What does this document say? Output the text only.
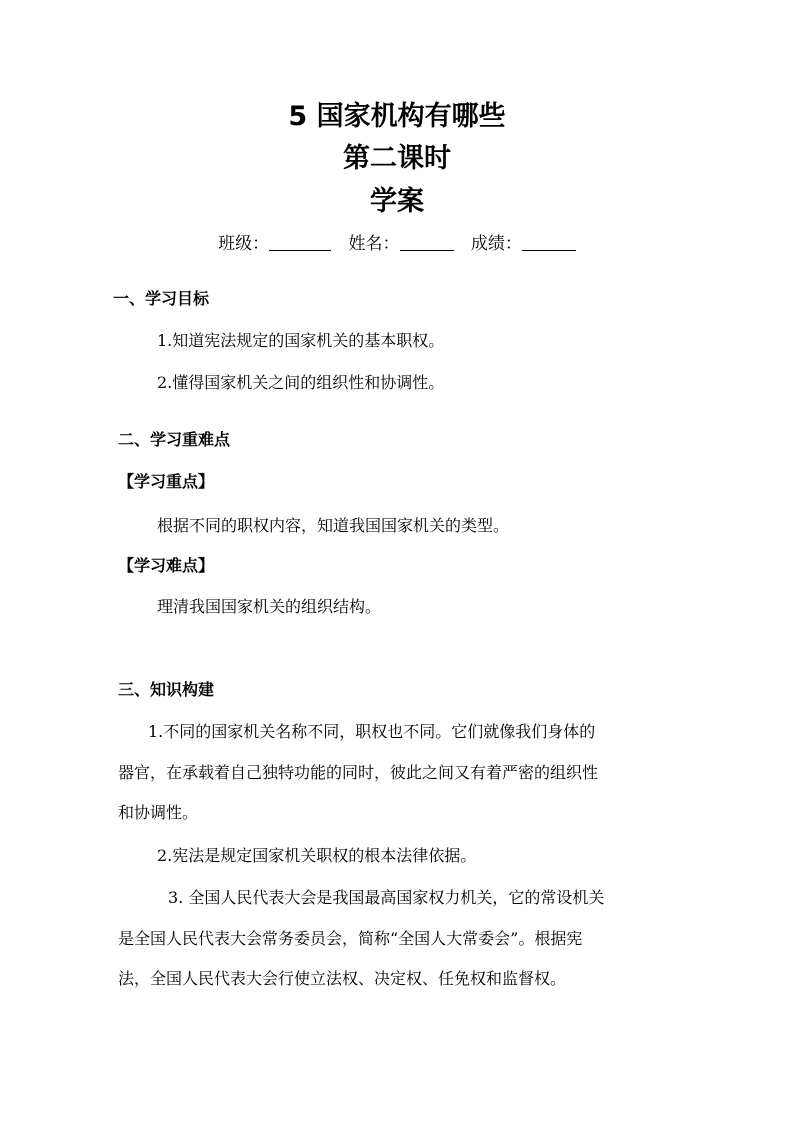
5 国家机构有哪些
第二课时
学案
班级：	姓名：	成绩：
一、学习目标
1.知道宪法规定的国家机关的基本职权。
2.懂得国家机关之间的组织性和协调性。
二、学习重难点
【学习重点】
根据不同的职权内容，知道我国国家机关的类型。
【学习难点】
理清我国国家机关的组织结构。
三、知识构建
1.不同的国家机关名称不同，职权也不同。它们就像我们身体的
器官，在承载着自己独特功能的同时，彼此之间又有着严密的组织性
和协调性。
2.宪法是规定国家机关职权的根本法律依据。
3. 全国人民代表大会是我国最高国家权力机关，它的常设机关
是全国人民代表大会常务委员会，简称“全国人大常委会”。根据宪
法，全国人民代表大会行使立法权、决定权、任免权和监督权。
